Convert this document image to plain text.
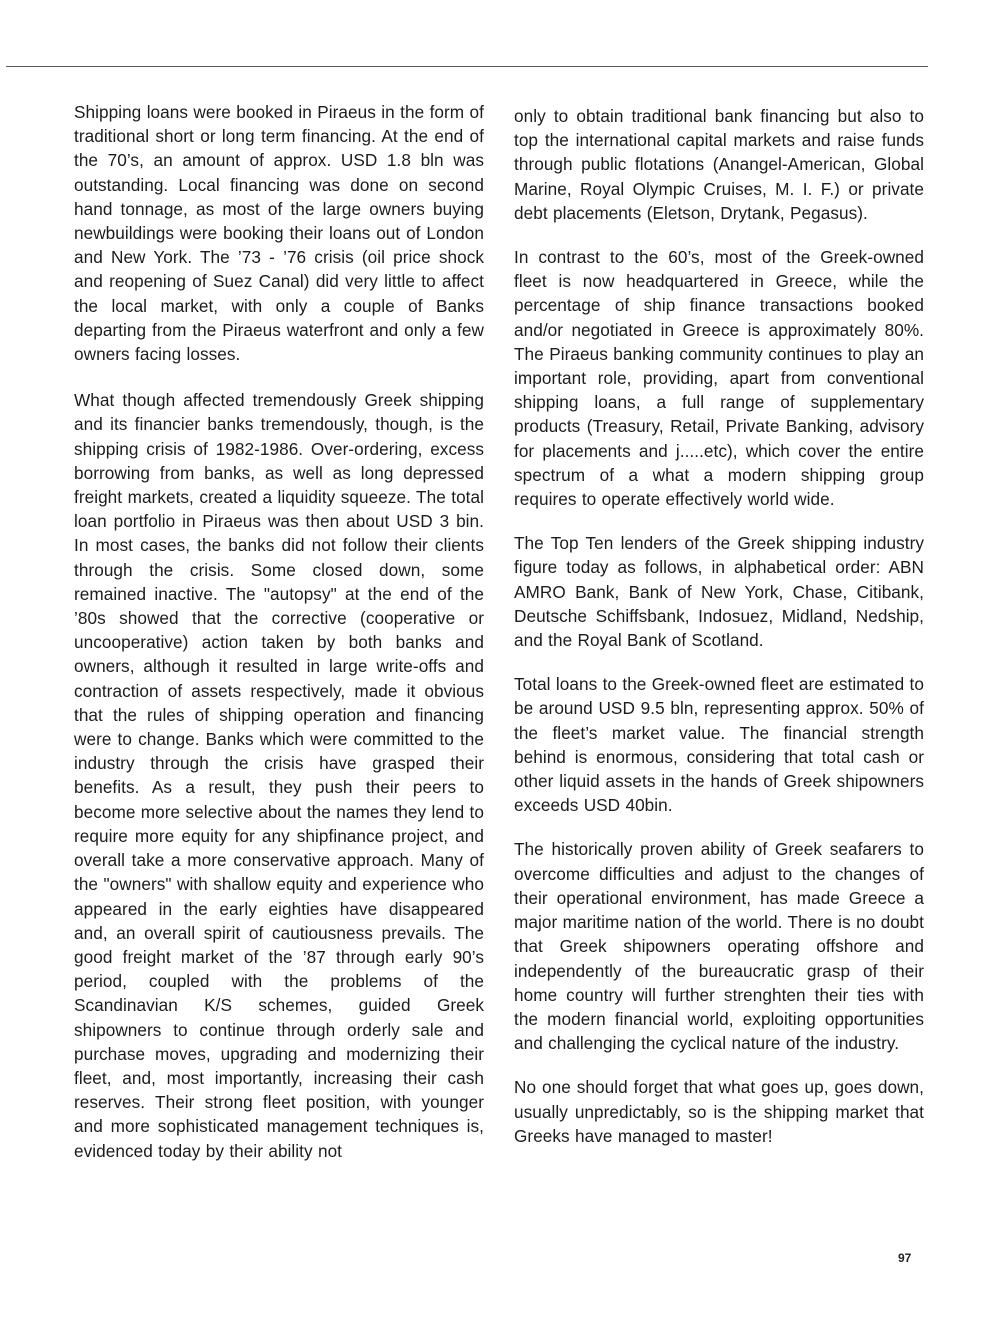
Shipping loans were booked in Piraeus in the form of traditional short or long term financing. At the end of the 70’s, an amount of approx. USD 1.8 bln was outstanding. Local financing was done on second hand tonnage, as most of the large owners buying newbuildings were booking their loans out of London and New York. The ’73 - ’76 crisis (oil price shock and reopening of Suez Canal) did very little to affect the local market, with only a couple of Banks departing from the Piraeus waterfront and only a few owners facing losses.

What though affected tremendously Greek shipping and its financier banks tremendously, though, is the shipping crisis of 1982-1986. Over-ordering, excess borrowing from banks, as well as long depressed freight markets, created a liquidity squeeze. The total loan portfolio in Piraeus was then about USD 3 bin. In most cases, the banks did not follow their clients through the crisis. Some closed down, some remained inactive. The "autopsy" at the end of the ’80s showed that the corrective (cooperative or uncooperative) action taken by both banks and owners, although it resulted in large write-offs and contraction of assets respectively, made it obvious that the rules of shipping operation and financing were to change. Banks which were committed to the industry through the crisis have grasped their benefits. As a result, they push their peers to become more selective about the names they lend to require more equity for any shipfinance project, and overall take a more conservative approach. Many of the "owners" with shallow equity and experience who appeared in the early eighties have disappeared and, an overall spirit of cautiousness prevails. The good freight market of the ’87 through early 90’s period, coupled with the problems of the Scandinavian K/S schemes, guided Greek shipowners to continue through orderly sale and purchase moves, upgrading and modernizing their fleet, and, most importantly, increasing their cash reserves. Their strong fleet position, with younger and more sophisticated management techniques is, evidenced today by their ability not

only to obtain traditional bank financing but also to top the international capital markets and raise funds through public flotations (Anangel-American, Global Marine, Royal Olympic Cruises, M. I. F.) or private debt placements (Eletson, Drytank, Pegasus).

In contrast to the 60’s, most of the Greek-owned fleet is now headquartered in Greece, while the percentage of ship finance transactions booked and/or negotiated in Greece is approximately 80%. The Piraeus banking community continues to play an important role, providing, apart from conventional shipping loans, a full range of supplementary products (Treasury, Retail, Private Banking, advisory for placements and j.....etc), which cover the entire spectrum of a what a modern shipping group requires to operate effectively world wide.

The Top Ten lenders of the Greek shipping industry figure today as follows, in alphabetical order: ABN AMRO Bank, Bank of New York, Chase, Citibank, Deutsche Schiffsbank, Indosuez, Midland, Nedship, and the Royal Bank of Scotland.

Total loans to the Greek-owned fleet are estimated to be around USD 9.5 bln, representing approx. 50% of the fleet’s market value. The financial strength behind is enormous, considering that total cash or other liquid assets in the hands of Greek shipowners exceeds USD 40bin.

The historically proven ability of Greek seafarers to overcome difficulties and adjust to the changes of their operational environment, has made Greece a major maritime nation of the world. There is no doubt that Greek shipowners operating offshore and independently of the bureaucratic grasp of their home country will further strenghten their ties with the modern financial world, exploiting opportunities and challenging the cyclical nature of the industry.

No one should forget that what goes up, goes down, usually unpredictably, so is the shipping market that Greeks have managed to master!

97
